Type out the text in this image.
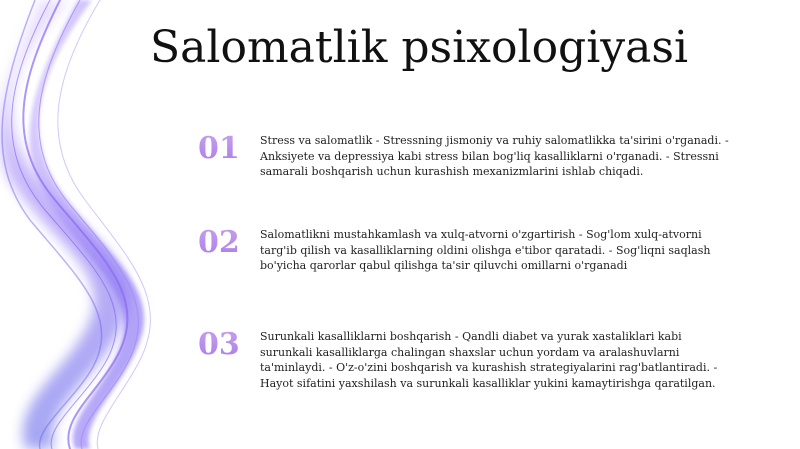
Salomatlik psixologiyasi
01 Stress va salomatlik - Stressning jismoniy va ruhiy salomatlikka ta'sirini o'rganadi. - Anksiyete va depressiya kabi stress bilan bog'liq kasalliklarni o'rganadi. - Stressni samarali boshqarish uchun kurashish mexanizmlarini ishlab chiqadi.

02 Salomatlikni mustahkamlash va xulq-atvorni o'zgartirish - Sog'lom xulq-atvorni targ'ib qilish va kasalliklarning oldini olishga e'tibor qaratadi. - Sog'liqni saqlash bo'yicha qarorlar qabul qilishga ta'sir qiluvchi omillarni o'rganadi

03 Surunkali kasalliklarni boshqarish - Qandli diabet va yurak xastaliklari kabi surunkali kasalliklarga chalingan shaxslar uchun yordam va aralashuvlarni ta'minlaydi. - O'z-o'zini boshqarish va kurashish strategiyalarini rag'batlantiradi. - Hayot sifatini yaxshilash va surunkali kasalliklar yukini kamaytirishga qaratilgan.
